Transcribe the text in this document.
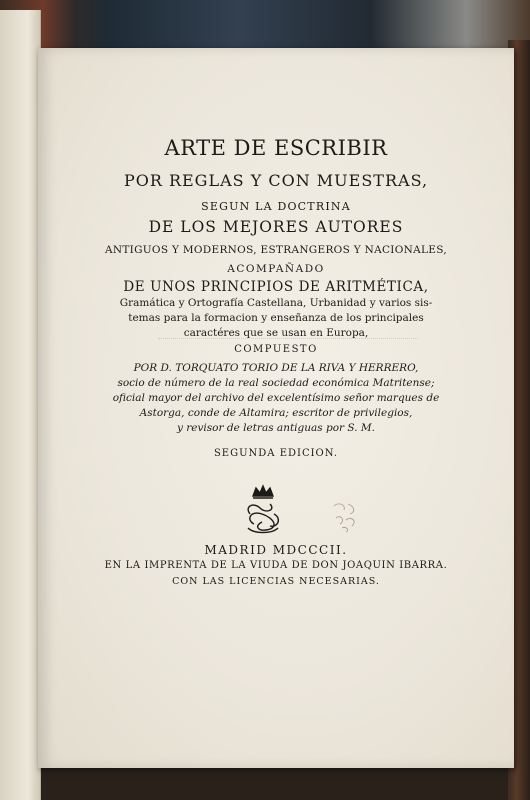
ARTE DE ESCRIBIR
POR REGLAS Y CON MUESTRAS,
SEGUN LA DOCTRINA
DE LOS MEJORES AUTORES
ANTIGUOS Y MODERNOS, ESTRANGEROS Y NACIONALES,
ACOMPAÑADO
DE UNOS PRINCIPIOS DE ARITMÉTICA,
Gramática y Ortografía Castellana, Urbanidad y varios sis-
temas para la formacion y enseñanza de los principales
caractéres que se usan en Europa,
COMPUESTO
POR D. TORQUATO TORIO DE LA RIVA Y HERRERO,
socio de número de la real sociedad económica Matritense;
oficial mayor del archivo del excelentísimo señor marques de
Astorga, conde de Altamira; escritor de privilegios,
y revisor de letras antiguas por S. M.
SEGUNDA EDICION.
MADRID MDCCCII.
EN LA IMPRENTA DE LA VIUDA DE DON JOAQUIN IBARRA.
CON LAS LICENCIAS NECESARIAS.
